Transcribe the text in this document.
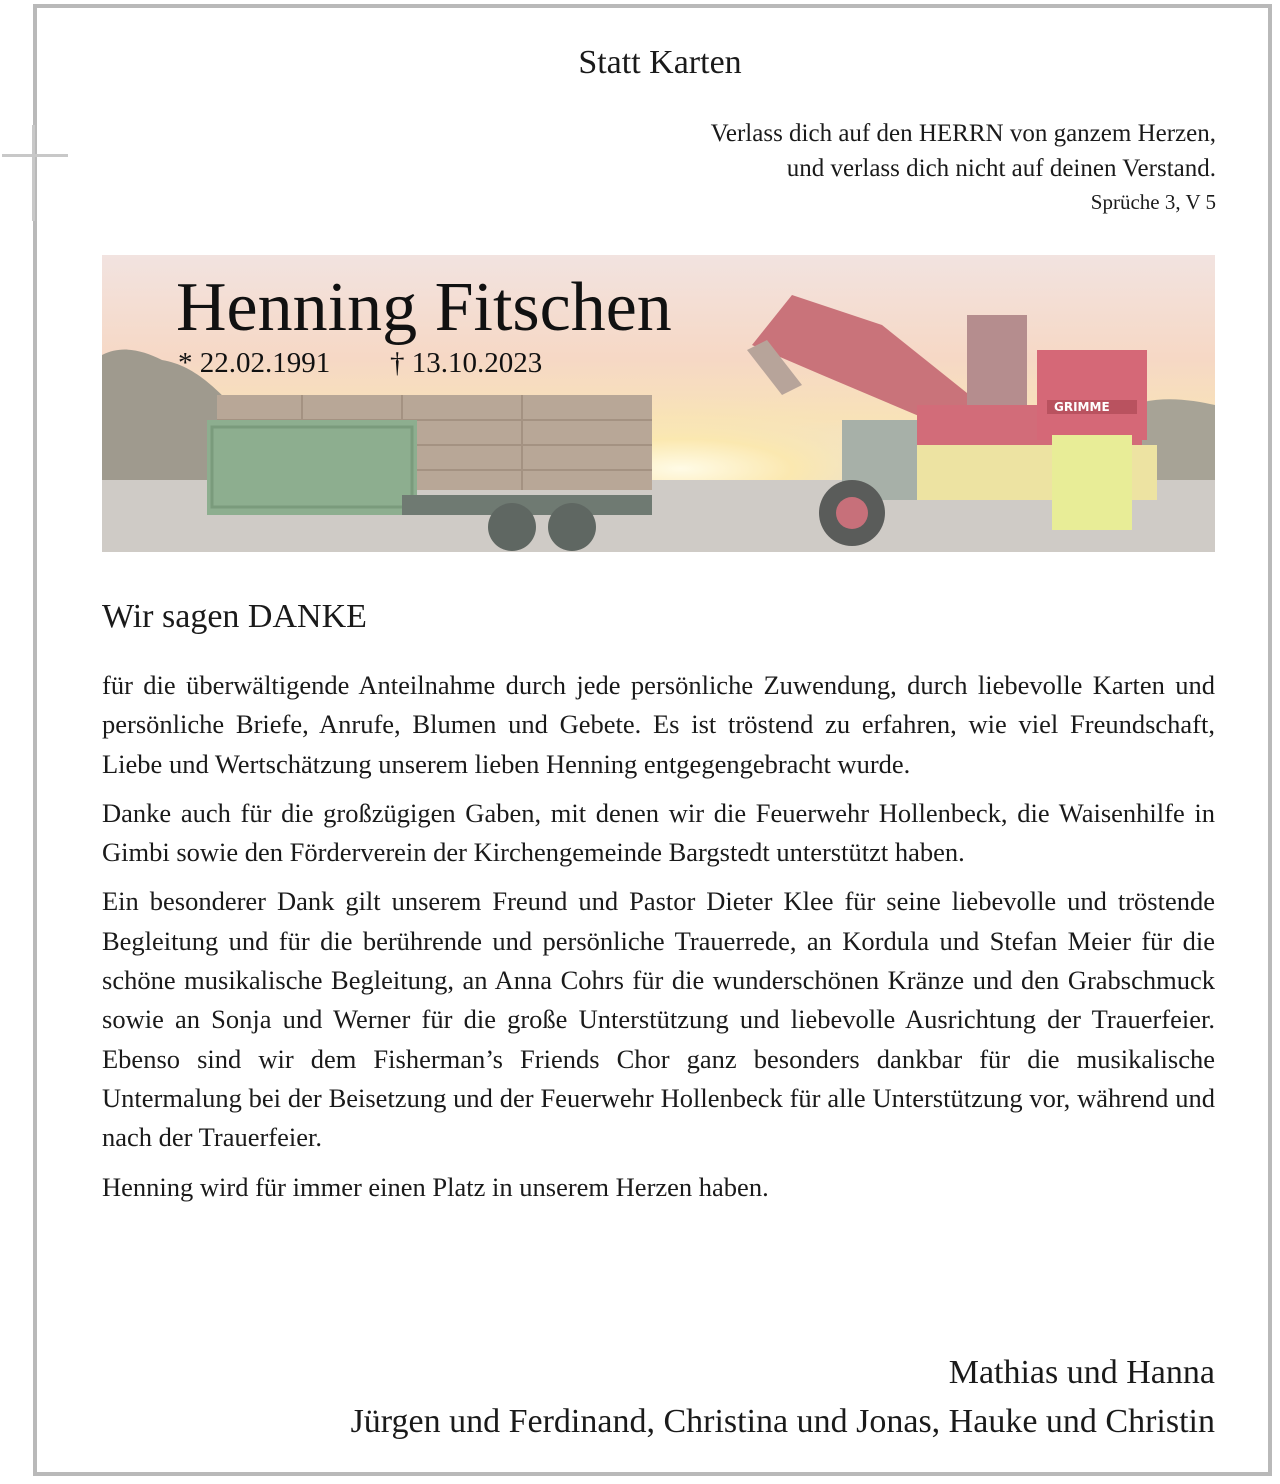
Statt Karten
Verlass dich auf den HERRN von ganzem Herzen,
und verlass dich nicht auf deinen Verstand.
Sprüche 3, V 5
GRIMME
Henning Fitschen
* 22.02.1991 † 13.10.2023
Wir sagen DANKE

für die überwältigende Anteilnahme durch jede persönliche Zuwendung, durch liebevolle Karten und persönliche Briefe, Anrufe, Blumen und Gebete. Es ist tröstend zu erfahren, wie viel Freundschaft, Liebe und Wertschätzung unserem lieben Henning entgegengebracht wurde.

Danke auch für die großzügigen Gaben, mit denen wir die Feuerwehr Hollenbeck, die Waisenhilfe in Gimbi sowie den Förderverein der Kirchengemeinde Bargstedt unterstützt haben.

Ein besonderer Dank gilt unserem Freund und Pastor Dieter Klee für seine liebevolle und tröstende Begleitung und für die berührende und persönliche Trauerrede, an Kordula und Stefan Meier für die schöne musikalische Begleitung, an Anna Cohrs für die wunderschönen Kränze und den Grabschmuck sowie an Sonja und Werner für die große Unterstützung und liebevolle Ausrichtung der Trauerfeier. Ebenso sind wir dem Fisherman’s Friends Chor ganz besonders dankbar für die musikalische Untermalung bei der Beisetzung und der Feuerwehr Hollenbeck für alle Unterstützung vor, während und nach der Trauerfeier.

Henning wird für immer einen Platz in unserem Herzen haben.

Mathias und Hanna
Jürgen und Ferdinand, Christina und Jonas, Hauke und Christin
